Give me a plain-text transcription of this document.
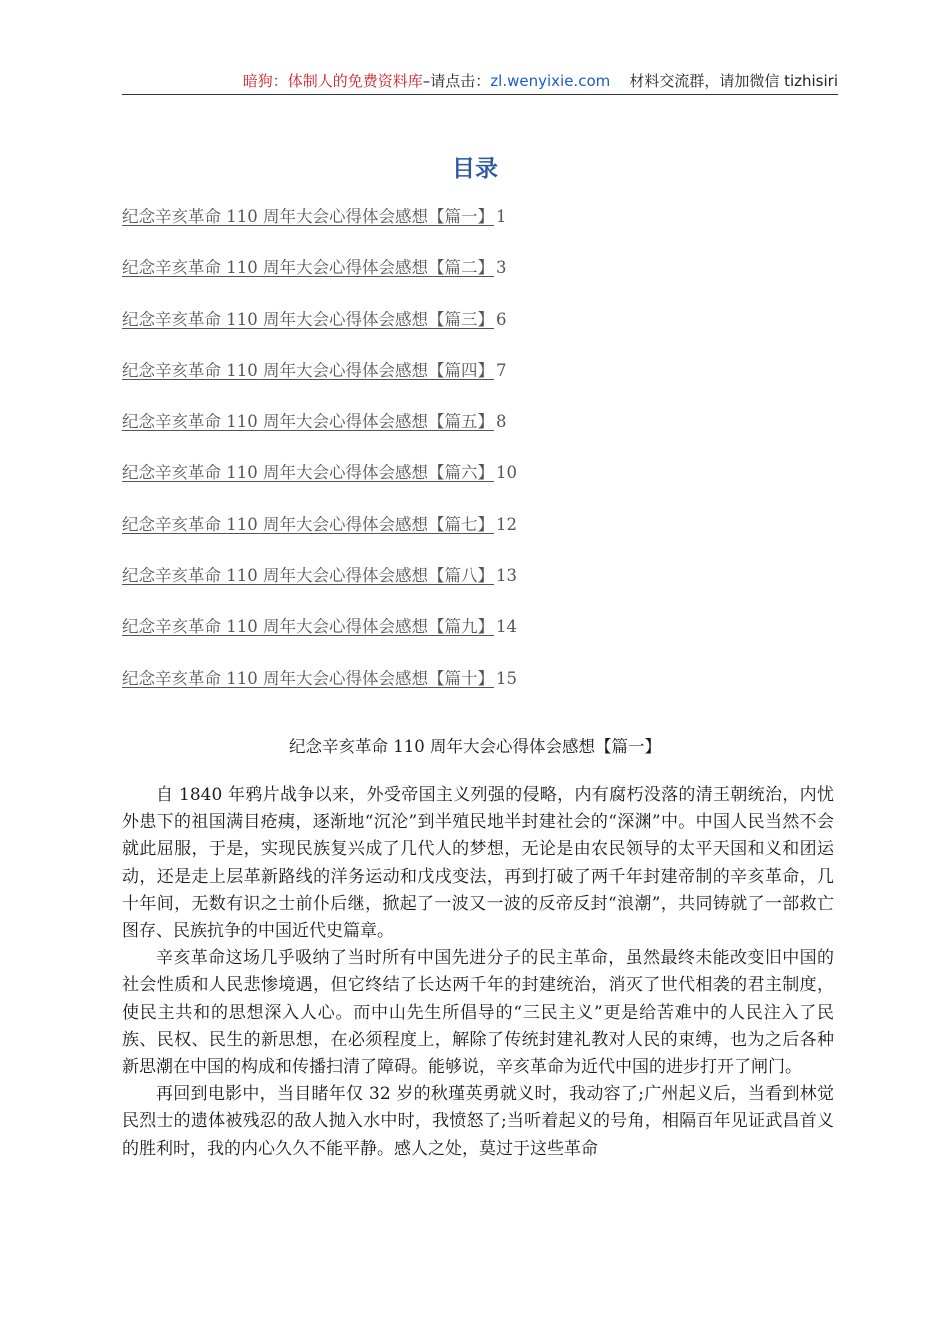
暗狗：体制人的免费资料库–请点击：zl.wenyixie.com 材料交流群，请加微信 tizhisiri
目录
纪念辛亥革命 110 周年大会心得体会感想【篇一】 1
纪念辛亥革命 110 周年大会心得体会感想【篇二】 3
纪念辛亥革命 110 周年大会心得体会感想【篇三】 6
纪念辛亥革命 110 周年大会心得体会感想【篇四】 7
纪念辛亥革命 110 周年大会心得体会感想【篇五】 8
纪念辛亥革命 110 周年大会心得体会感想【篇六】 10
纪念辛亥革命 110 周年大会心得体会感想【篇七】 12
纪念辛亥革命 110 周年大会心得体会感想【篇八】 13
纪念辛亥革命 110 周年大会心得体会感想【篇九】 14
纪念辛亥革命 110 周年大会心得体会感想【篇十】 15
纪念辛亥革命 110 周年大会心得体会感想【篇一】

自 1840 年鸦片战争以来，外受帝国主义列强的侵略，内有腐朽没落的清王朝统治，内忧外患下的祖国满目疮痍，逐渐地“沉沦”到半殖民地半封建社会的“深渊”中。中国人民当然不会就此屈服，于是，实现民族复兴成了几代人的梦想，无论是由农民领导的太平天国和义和团运动，还是走上层革新路线的洋务运动和戊戌变法，再到打破了两千年封建帝制的辛亥革命，几十年间，无数有识之士前仆后继，掀起了一波又一波的反帝反封“浪潮”，共同铸就了一部救亡图存、民族抗争的中国近代史篇章。

辛亥革命这场几乎吸纳了当时所有中国先进分子的民主革命，虽然最终未能改变旧中国的社会性质和人民悲惨境遇，但它终结了长达两千年的封建统治，消灭了世代相袭的君主制度，使民主共和的思想深入人心。而中山先生所倡导的“三民主义”更是给苦难中的人民注入了民族、民权、民生的新思想，在必须程度上，解除了传统封建礼教对人民的束缚，也为之后各种新思潮在中国的构成和传播扫清了障碍。能够说，辛亥革命为近代中国的进步打开了闸门。

再回到电影中，当目睹年仅 32 岁的秋瑾英勇就义时，我动容了;广州起义后，当看到林觉民烈士的遗体被残忍的敌人抛入水中时，我愤怒了;当听着起义的号角，相隔百年见证武昌首义的胜利时，我的内心久久不能平静。感人之处，莫过于这些革命
